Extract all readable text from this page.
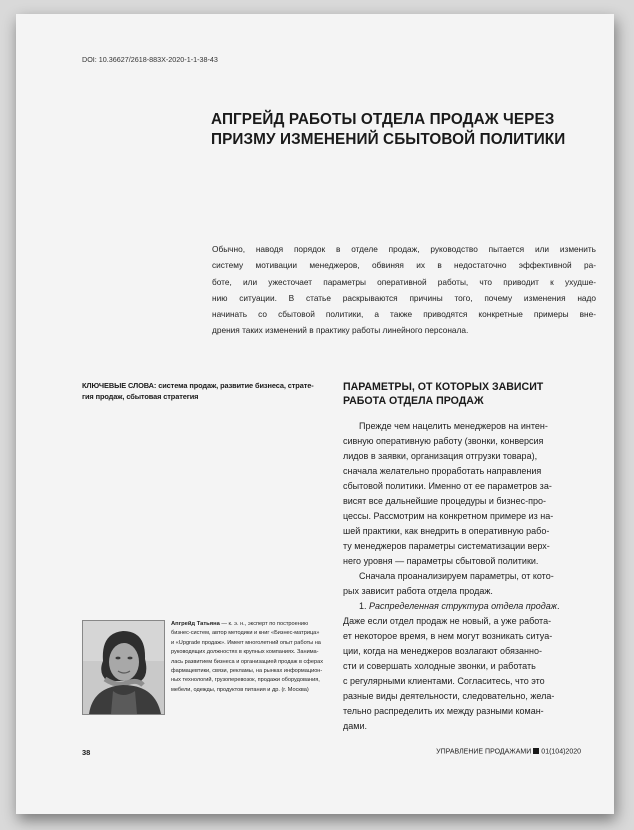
DOI: 10.36627/2618-883X-2020-1-1-38-43
АПГРЕЙД РАБОТЫ ОТДЕЛА ПРОДАЖ ЧЕРЕЗ
ПРИЗМУ ИЗМЕНЕНИЙ СБЫТОВОЙ ПОЛИТИКИ
Обычно, наводя порядок в отделе продаж, руководство пытается или изменить
систему мотивации менеджеров, обвиняя их в недостаточно эффективной ра-
боте, или ужесточает параметры оперативной работы, что приводит к ухудше-
нию ситуации. В статье раскрываются причины того, почему изменения надо
начинать со сбытовой политики, а также приводятся конкретные примеры вне-
дрения таких изменений в практику работы линейного персонала.
КЛЮЧЕВЫЕ СЛОВА: система продаж, развитие бизнеса, страте-
гия продаж, сбытовая стратегия
ПАРАМЕТРЫ, ОТ КОТОРЫХ ЗАВИСИТ
РАБОТА ОТДЕЛА ПРОДАЖ
Прежде чем нацелить менеджеров на интен-
сивную оперативную работу (звонки, конверсия
лидов в заявки, организация отгрузки товара),
сначала желательно проработать направления
сбытовой политики. Именно от ее параметров за-
висят все дальнейшие процедуры и бизнес-про-
цессы. Рассмотрим на конкретном примере из на-
шей практики, как внедрить в оперативную рабо-
ту менеджеров параметры систематизации верх-
него уровня — параметры сбытовой политики.
Сначала проанализируем параметры, от кото-
рых зависит работа отдела продаж.
1. Распределенная структура отдела продаж.
Даже если отдел продаж не новый, а уже работа-
ет некоторое время, в нем могут возникать ситуа-
ции, когда на менеджеров возлагают обязанно-
сти и совершать холодные звонки, и работать
с регулярными клиентами. Согласитесь, что это
разные виды деятельности, следовательно, жела-
тельно распределить их между разными коман-
дами.
Апгрейд Татьяна — к. э. н., эксперт по построению
бизнес-систем, автор методики и книг «Бизнес-матрица»
и «Upgrade продаж». Имеет многолетний опыт работы на
руководящих должностях в крупных компаниях. Занима-
лась развитием бизнеса и организацией продаж в сферах
фармацевтики, связи, рекламы, на рынках информацион-
ных технологий, грузоперевозок, продажи оборудования,
мебели, одежды, продуктов питания и др. (г. Москва)
38	УПРАВЛЕНИЕ ПРОДАЖАМИ 01(104)2020
